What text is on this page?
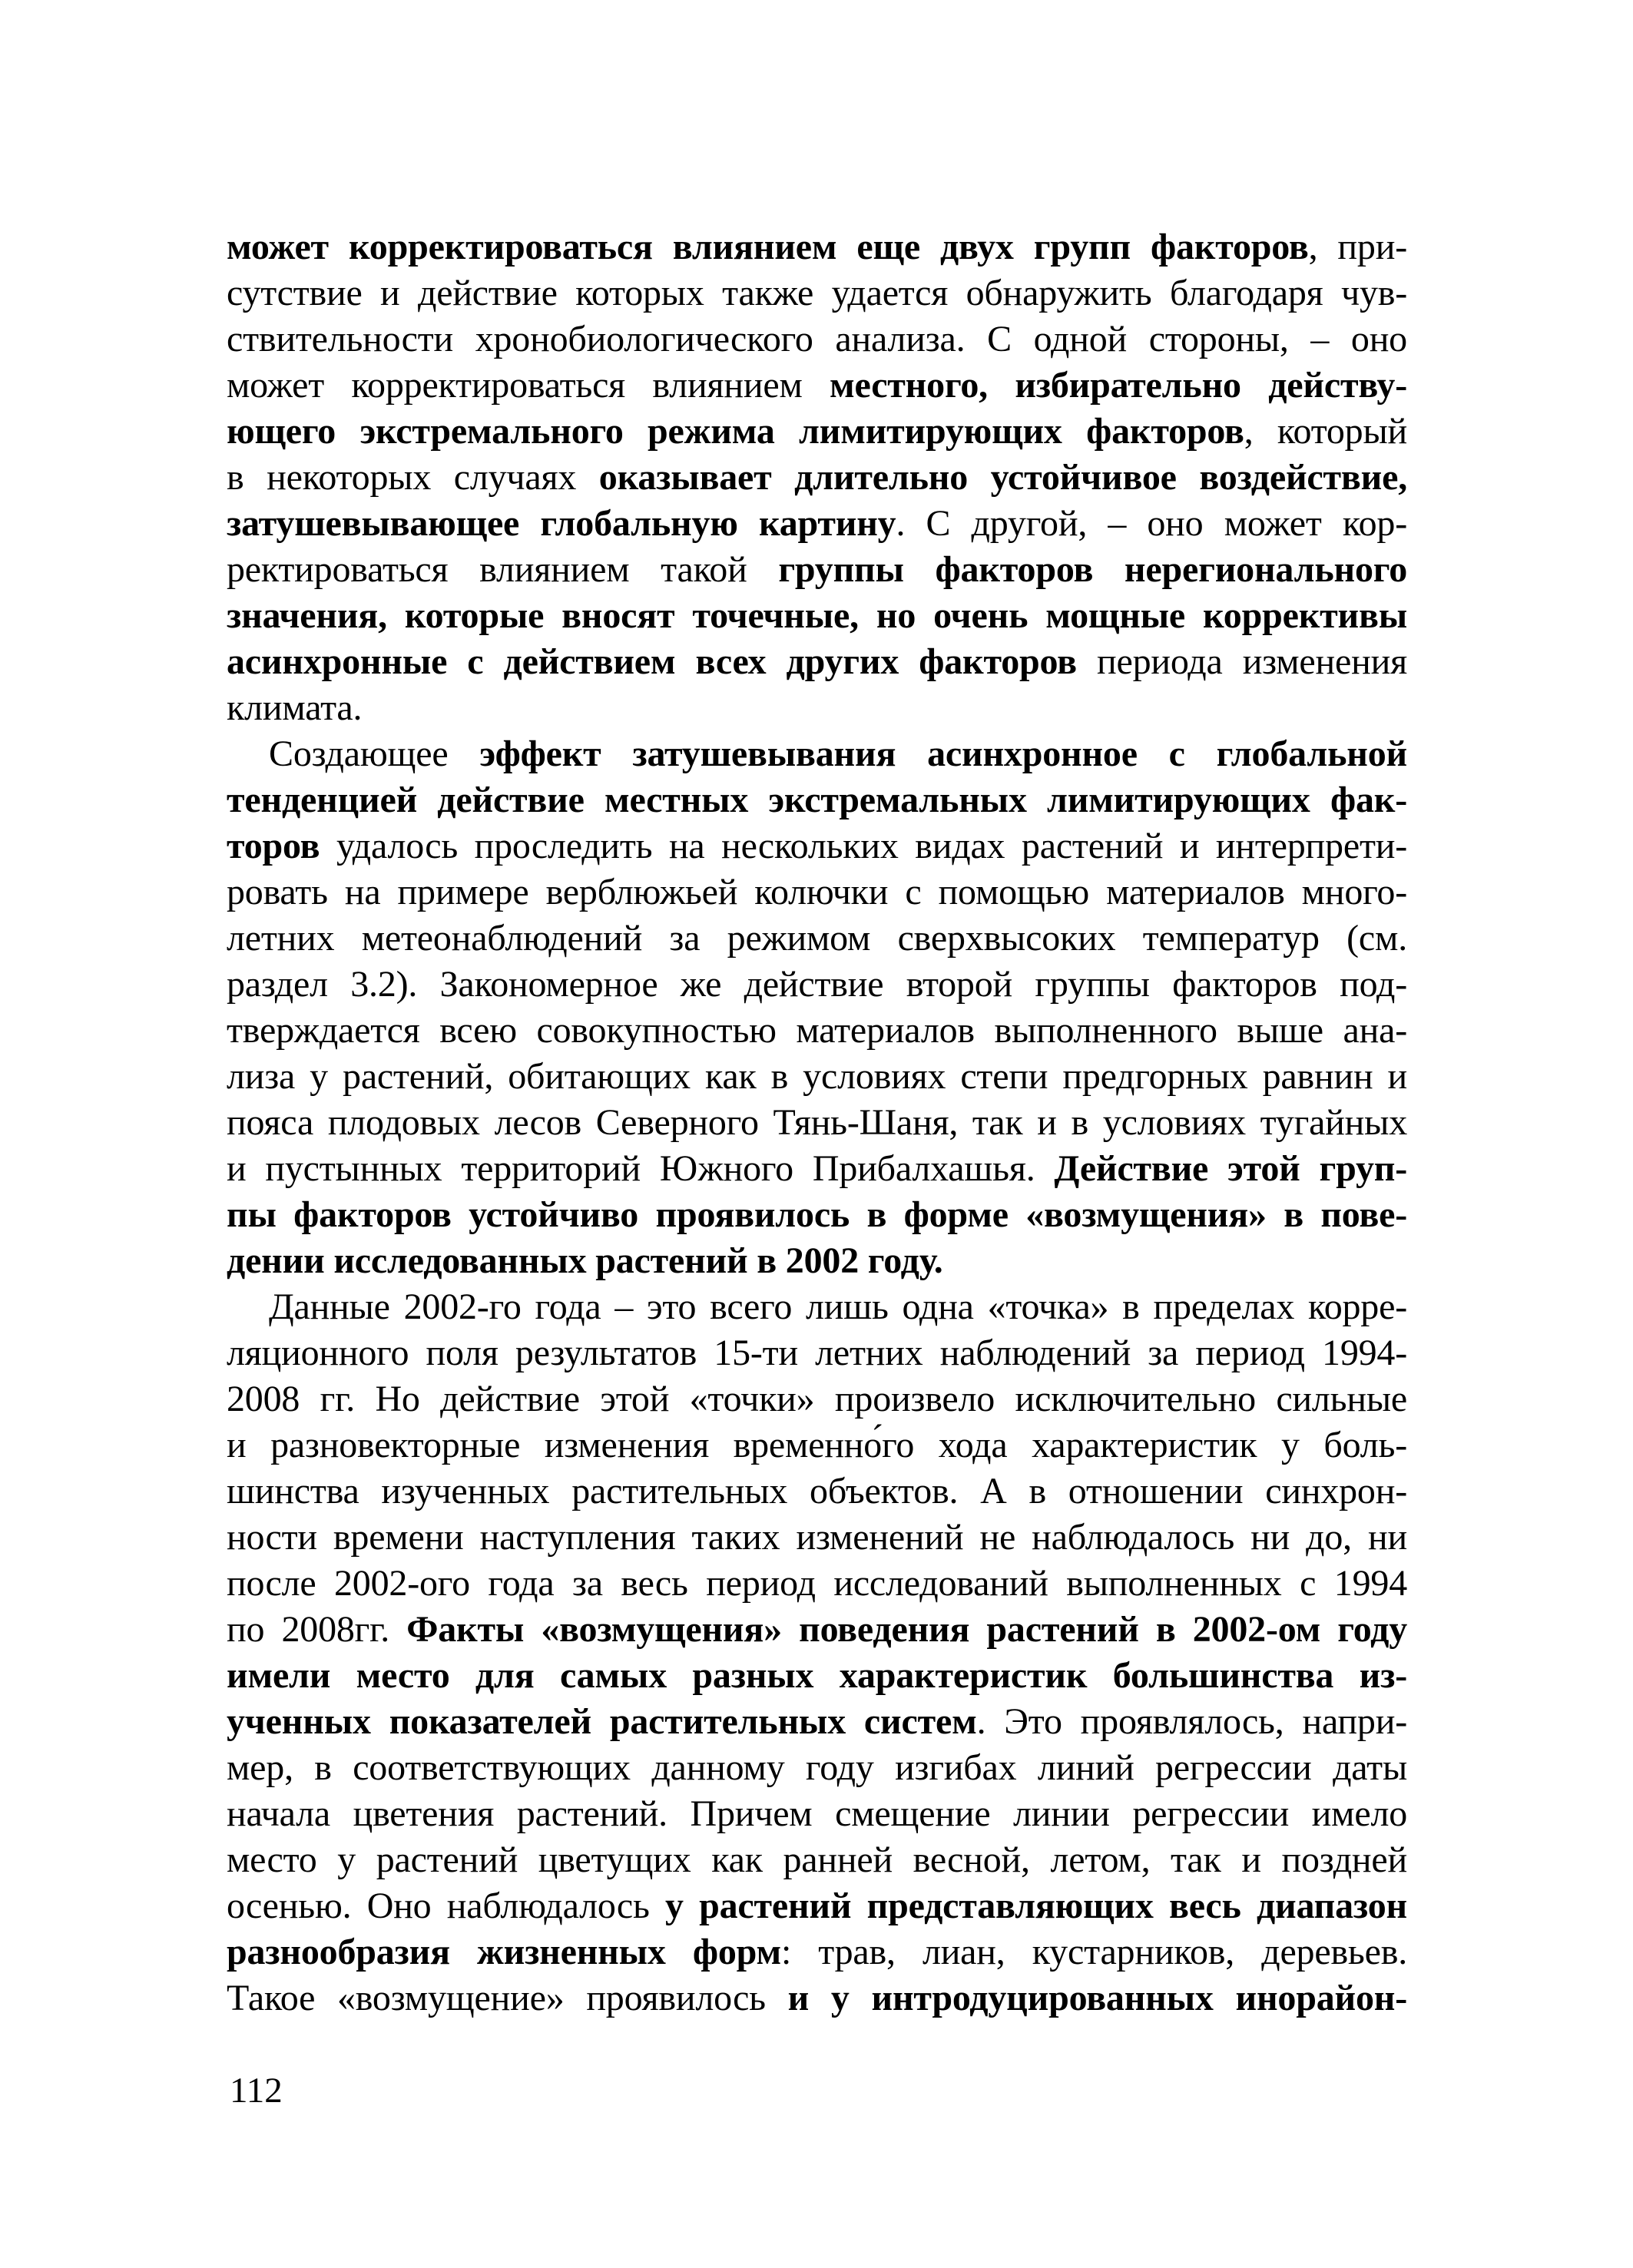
может корректироваться влиянием еще двух групп факторов, при-
сутствие и действие которых также удается обнаружить благодаря чув-
ствительности хронобиологического анализа. С одной стороны, – оно
может корректироваться влиянием местного, избирательно действу-
ющего экстремального режима лимитирующих факторов, который
в некоторых случаях оказывает длительно устойчивое воздействие,
затушевывающее глобальную картину. С другой, – оно может кор-
ректироваться влиянием такой группы факторов нерегионального
значения, которые вносят точечные, но очень мощные коррективы
асинхронные с действием всех других факторов периода изменения
климата.
Создающее эффект затушевывания асинхронное с глобальной
тенденцией действие местных экстремальных лимитирующих фак-
торов удалось проследить на нескольких видах растений и интерпрети-
ровать на примере верблюжьей колючки с помощью материалов много-
летних метеонаблюдений за режимом сверхвысоких температур (см.
раздел 3.2). Закономерное же действие второй группы факторов под-
тверждается всею совокупностью материалов выполненного выше ана-
лиза у растений, обитающих как в условиях степи предгорных равнин и
пояса плодовых лесов Северного Тянь-Шаня, так и в условиях тугайных
и пустынных территорий Южного Прибалхашья. Действие этой груп-
пы факторов устойчиво проявилось в форме «возмущения» в пове-
дении исследованных растений в 2002 году.
Данные 2002-го года – это всего лишь одна «точка» в пределах корре-
ляционного поля результатов 15-ти летних наблюдений за период 1994-
2008 гг. Но действие этой «точки» произвело исключительно сильные
и разновекторные изменения временно́го хода характеристик у боль-
шинства изученных растительных объектов. А в отношении синхрон-
ности времени наступления таких изменений не наблюдалось ни до, ни
после 2002-ого года за весь период исследований выполненных с 1994
по 2008гг. Факты «возмущения» поведения растений в 2002-ом году
имели место для самых разных характеристик большинства из-
ученных показателей растительных систем. Это проявлялось, напри-
мер, в соответствующих данному году изгибах линий регрессии даты
начала цветения растений. Причем смещение линии регрессии имело
место у растений цветущих как ранней весной, летом, так и поздней
осенью. Оно наблюдалось у растений представляющих весь диапазон
разнообразия жизненных форм: трав, лиан, кустарников, деревьев.
Такое «возмущение» проявилось и у интродуцированных инорайон-
112
